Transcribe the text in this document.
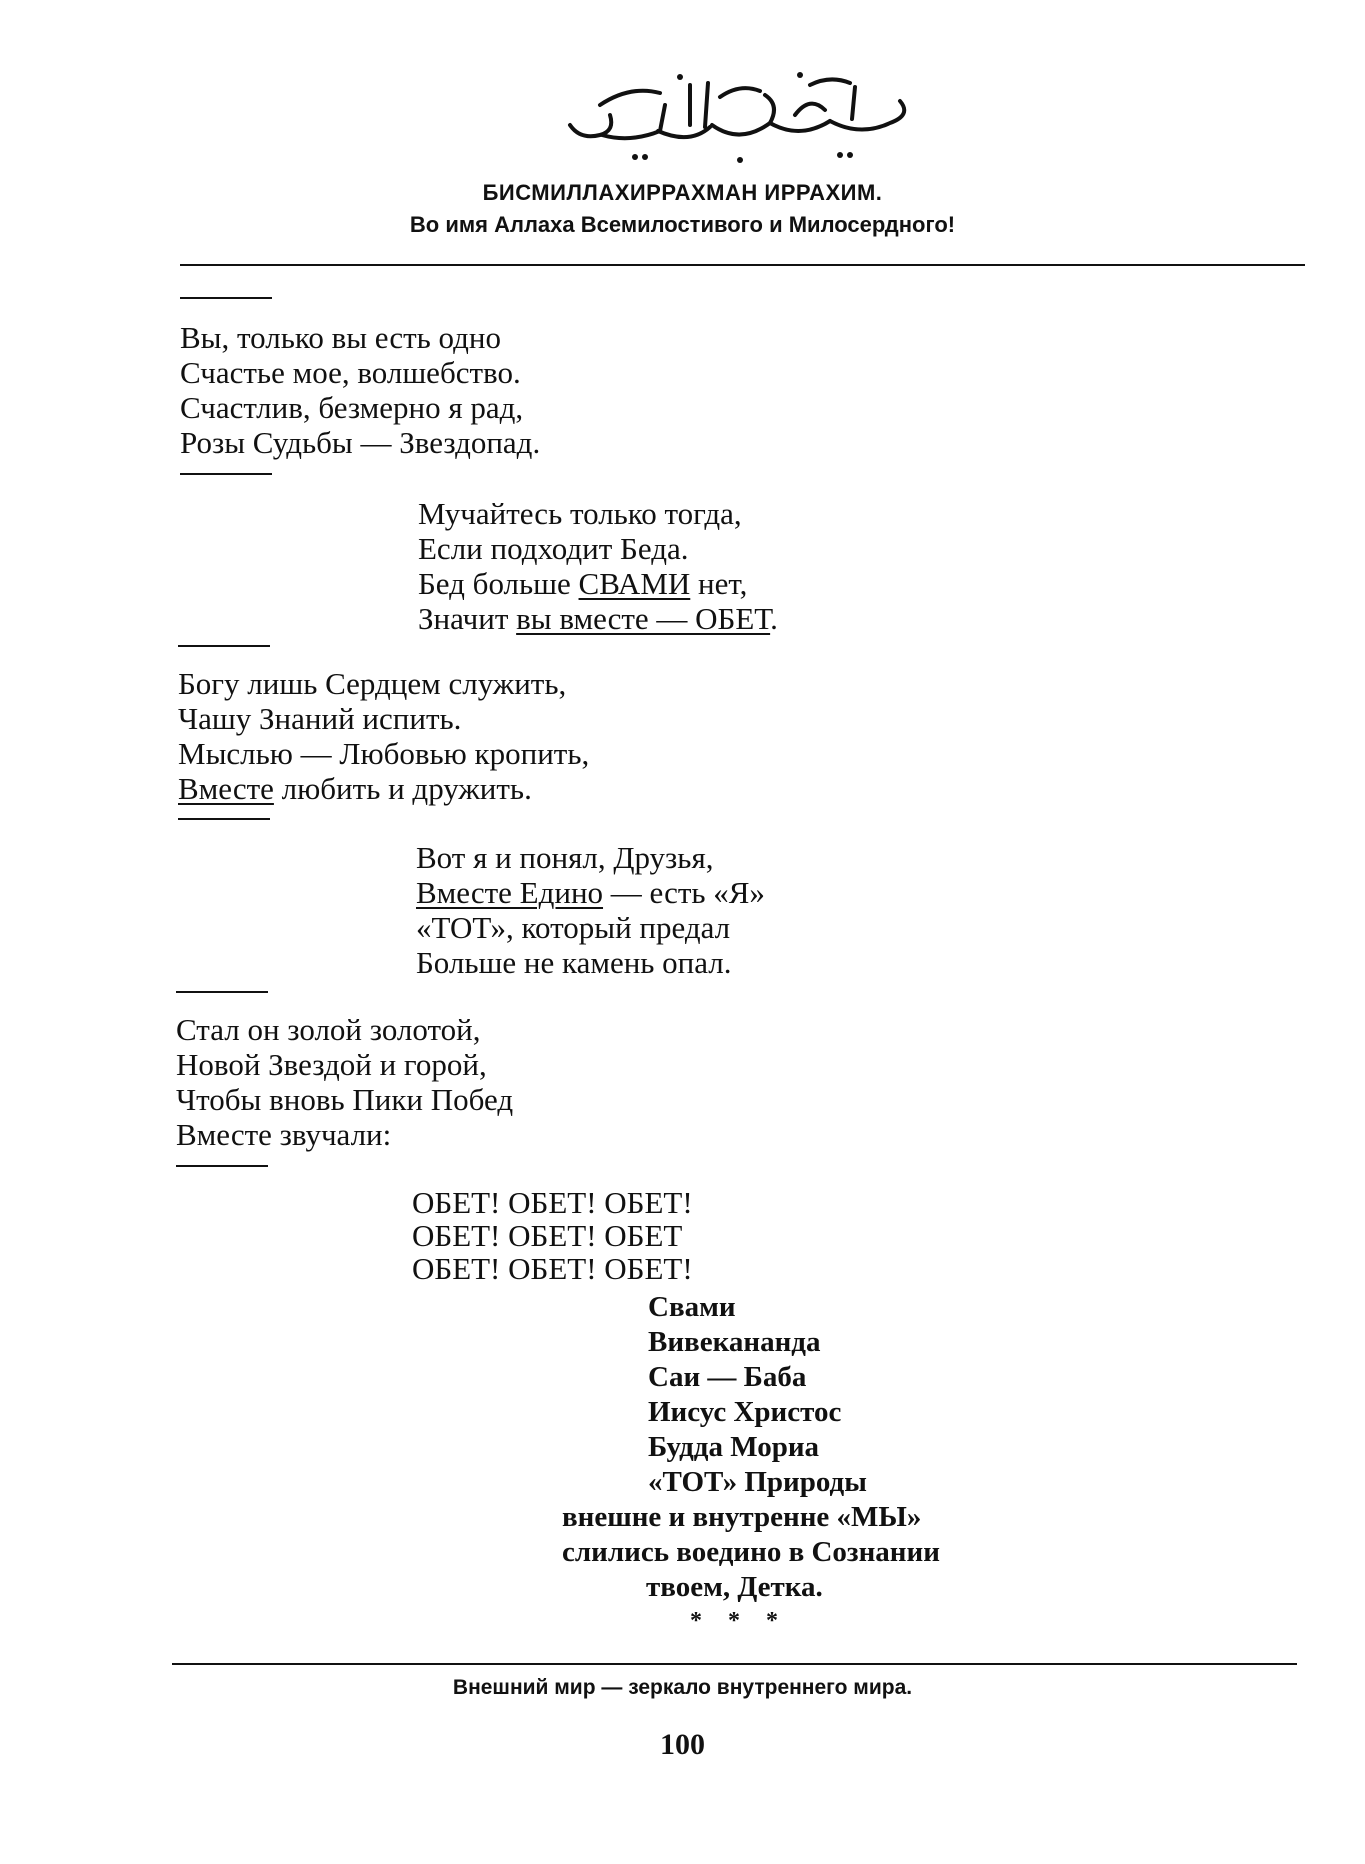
БИСМИЛЛАХИРРАХМАН ИРРАХИМ.
Во имя Аллаха Всемилостивого и Милосердного!
Вы, только вы есть одно
Счастье мое, волшебство.
Счастлив, безмерно я рад,
Розы Судьбы — Звездопад.
Мучайтесь только тогда,
Если подходит Беда.
Бед больше СВАМИ нет,
Значит вы вместе — ОБЕТ.
Богу лишь Сердцем служить,
Чашу Знаний испить.
Мыслью — Любовью кропить,
Вместе любить и дружить.
Вот я и понял, Друзья,
Вместе Едино — есть «Я»
«ТОТ», который предал
Больше не камень опал.
Стал он золой золотой,
Новой Звездой и горой,
Чтобы вновь Пики Побед
Вместе звучали:
ОБЕТ! ОБЕТ! ОБЕТ!
ОБЕТ! ОБЕТ! ОБЕТ
ОБЕТ! ОБЕТ! ОБЕТ!
Свами
Вивекананда
Саи — Баба
Иисус Христос
Будда Мориа
«ТОТ» Природы
внешне и внутренне «МЫ»
слились воедино в Сознании
твоем, Детка.
* * *
Внешний мир — зеркало внутреннего мира.
100
